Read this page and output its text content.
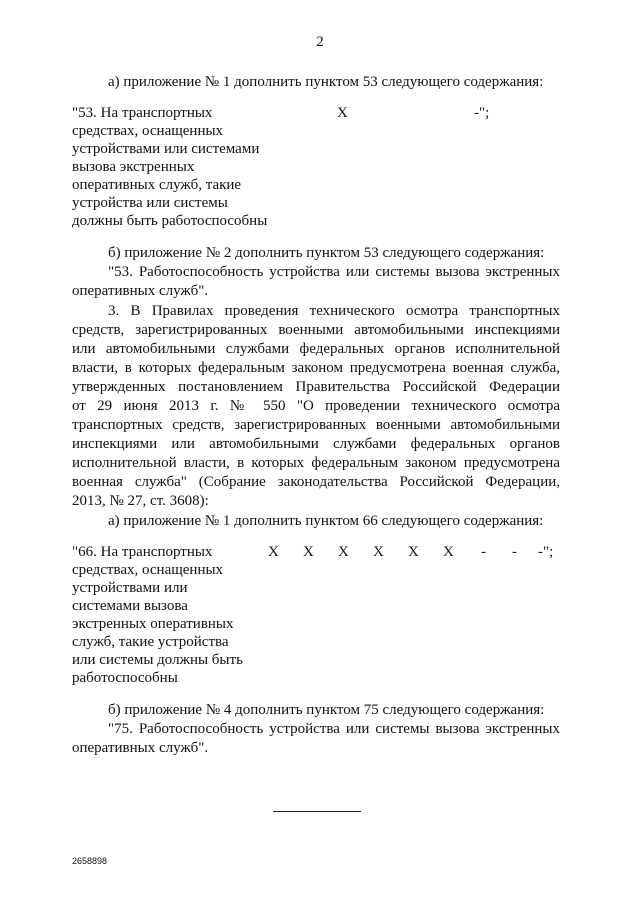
2
а) приложение № 1 дополнить пунктом 53 следующего содержания:
"53. На транспортных
средствах, оснащенных
устройствами или системами
вызова экстренных
оперативных служб, такие
устройства или системы
должны быть работоспособны
Х	-";
б) приложение № 2 дополнить пунктом 53 следующего содержания:
"53. Работоспособность устройства или системы вызова экстренных
оперативных служб".
3. В Правилах проведения технического осмотра транспортных
средств, зарегистрированных военными автомобильными инспекциями
или автомобильными службами федеральных органов исполнительной
власти, в которых федеральным законом предусмотрена военная служба,
утвержденных постановлением Правительства Российской Федерации
от 29 июня 2013 г. № 550 "О проведении технического осмотра
транспортных средств, зарегистрированных военными автомобильными
инспекциями или автомобильными службами федеральных органов
исполнительной власти, в которых федеральным законом предусмотрена
военная служба" (Собрание законодательства Российской Федерации,
2013, № 27, ст. 3608):
а) приложение № 1 дополнить пунктом 66 следующего содержания:
"66. На транспортных
средствах, оснащенных
устройствами или
системами вызова
экстренных оперативных
служб, такие устройства
или системы должны быть
работоспособны
Х Х Х Х Х Х - - -";
б) приложение № 4 дополнить пунктом 75 следующего содержания:
"75. Работоспособность устройства или системы вызова экстренных
оперативных служб".
2658898
